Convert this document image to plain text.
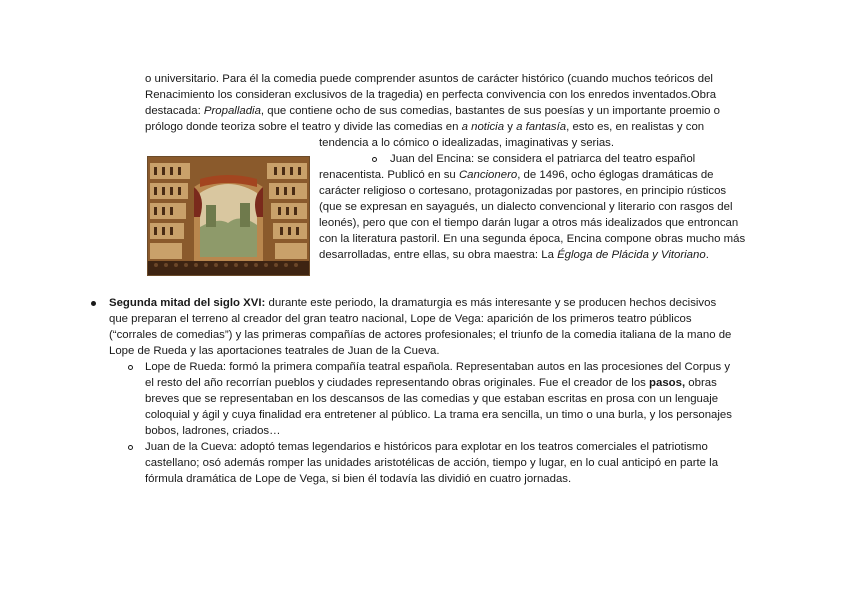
o universitario. Para él la comedia puede comprender asuntos de carácter histórico (cuando muchos teóricos del
Renacimiento los consideran exclusivos de la tragedia) en perfecta convivencia con los enredos inventados.Obra
destacada: Propalladia, que contiene ocho de sus comedias, bastantes de sus poesías y un importante proemio o
prólogo donde teoriza sobre el teatro y divide las comedias en a noticia y a fantasía, esto es, en realistas y con
tendencia a lo cómico o idealizadas, imaginativas y serias.
Juan del Encina: se considera el patriarca del teatro español
renacentista. Publicó en su Cancionero, de 1496, ocho églogas dramáticas de
carácter religioso o cortesano, protagonizadas por pastores, en principio rústicos
(que se expresan en sayagués, un dialecto convencional y literario con rasgos del
leonés), pero que con el tiempo darán lugar a otros más idealizados que entroncan
con la literatura pastoril. En una segunda época, Encina compone obras mucho más
desarrolladas, entre ellas, su obra maestra: La Égloga de Plácida y Vitoriano.
Segunda mitad del siglo XVI: durante este periodo, la dramaturgia es más interesante y se producen hechos decisivos
que preparan el terreno al creador del gran teatro nacional, Lope de Vega: aparición de los primeros teatro públicos
(“corrales de comedias”) y las primeras compañías de actores profesionales; el triunfo de la comedia italiana de la mano de
Lope de Rueda y las aportaciones teatrales de Juan de la Cueva.
Lope de Rueda: formó la primera compañía teatral española. Representaban autos en las procesiones del Corpus y
el resto del año recorrían pueblos y ciudades representando obras originales. Fue el creador de los pasos, obras
breves que se representaban en los descansos de las comedias y que estaban escritas en prosa con un lenguaje
coloquial y ágil y cuya finalidad era entretener al público. La trama era sencilla, un timo o una burla, y los personajes
bobos, ladrones, criados…
Juan de la Cueva: adoptó temas legendarios e históricos para explotar en los teatros comerciales el patriotismo
castellano; osó además romper las unidades aristotélicas de acción, tiempo y lugar, en lo cual anticipó en parte la
fórmula dramática de Lope de Vega, si bien él todavía las dividió en cuatro jornadas.
